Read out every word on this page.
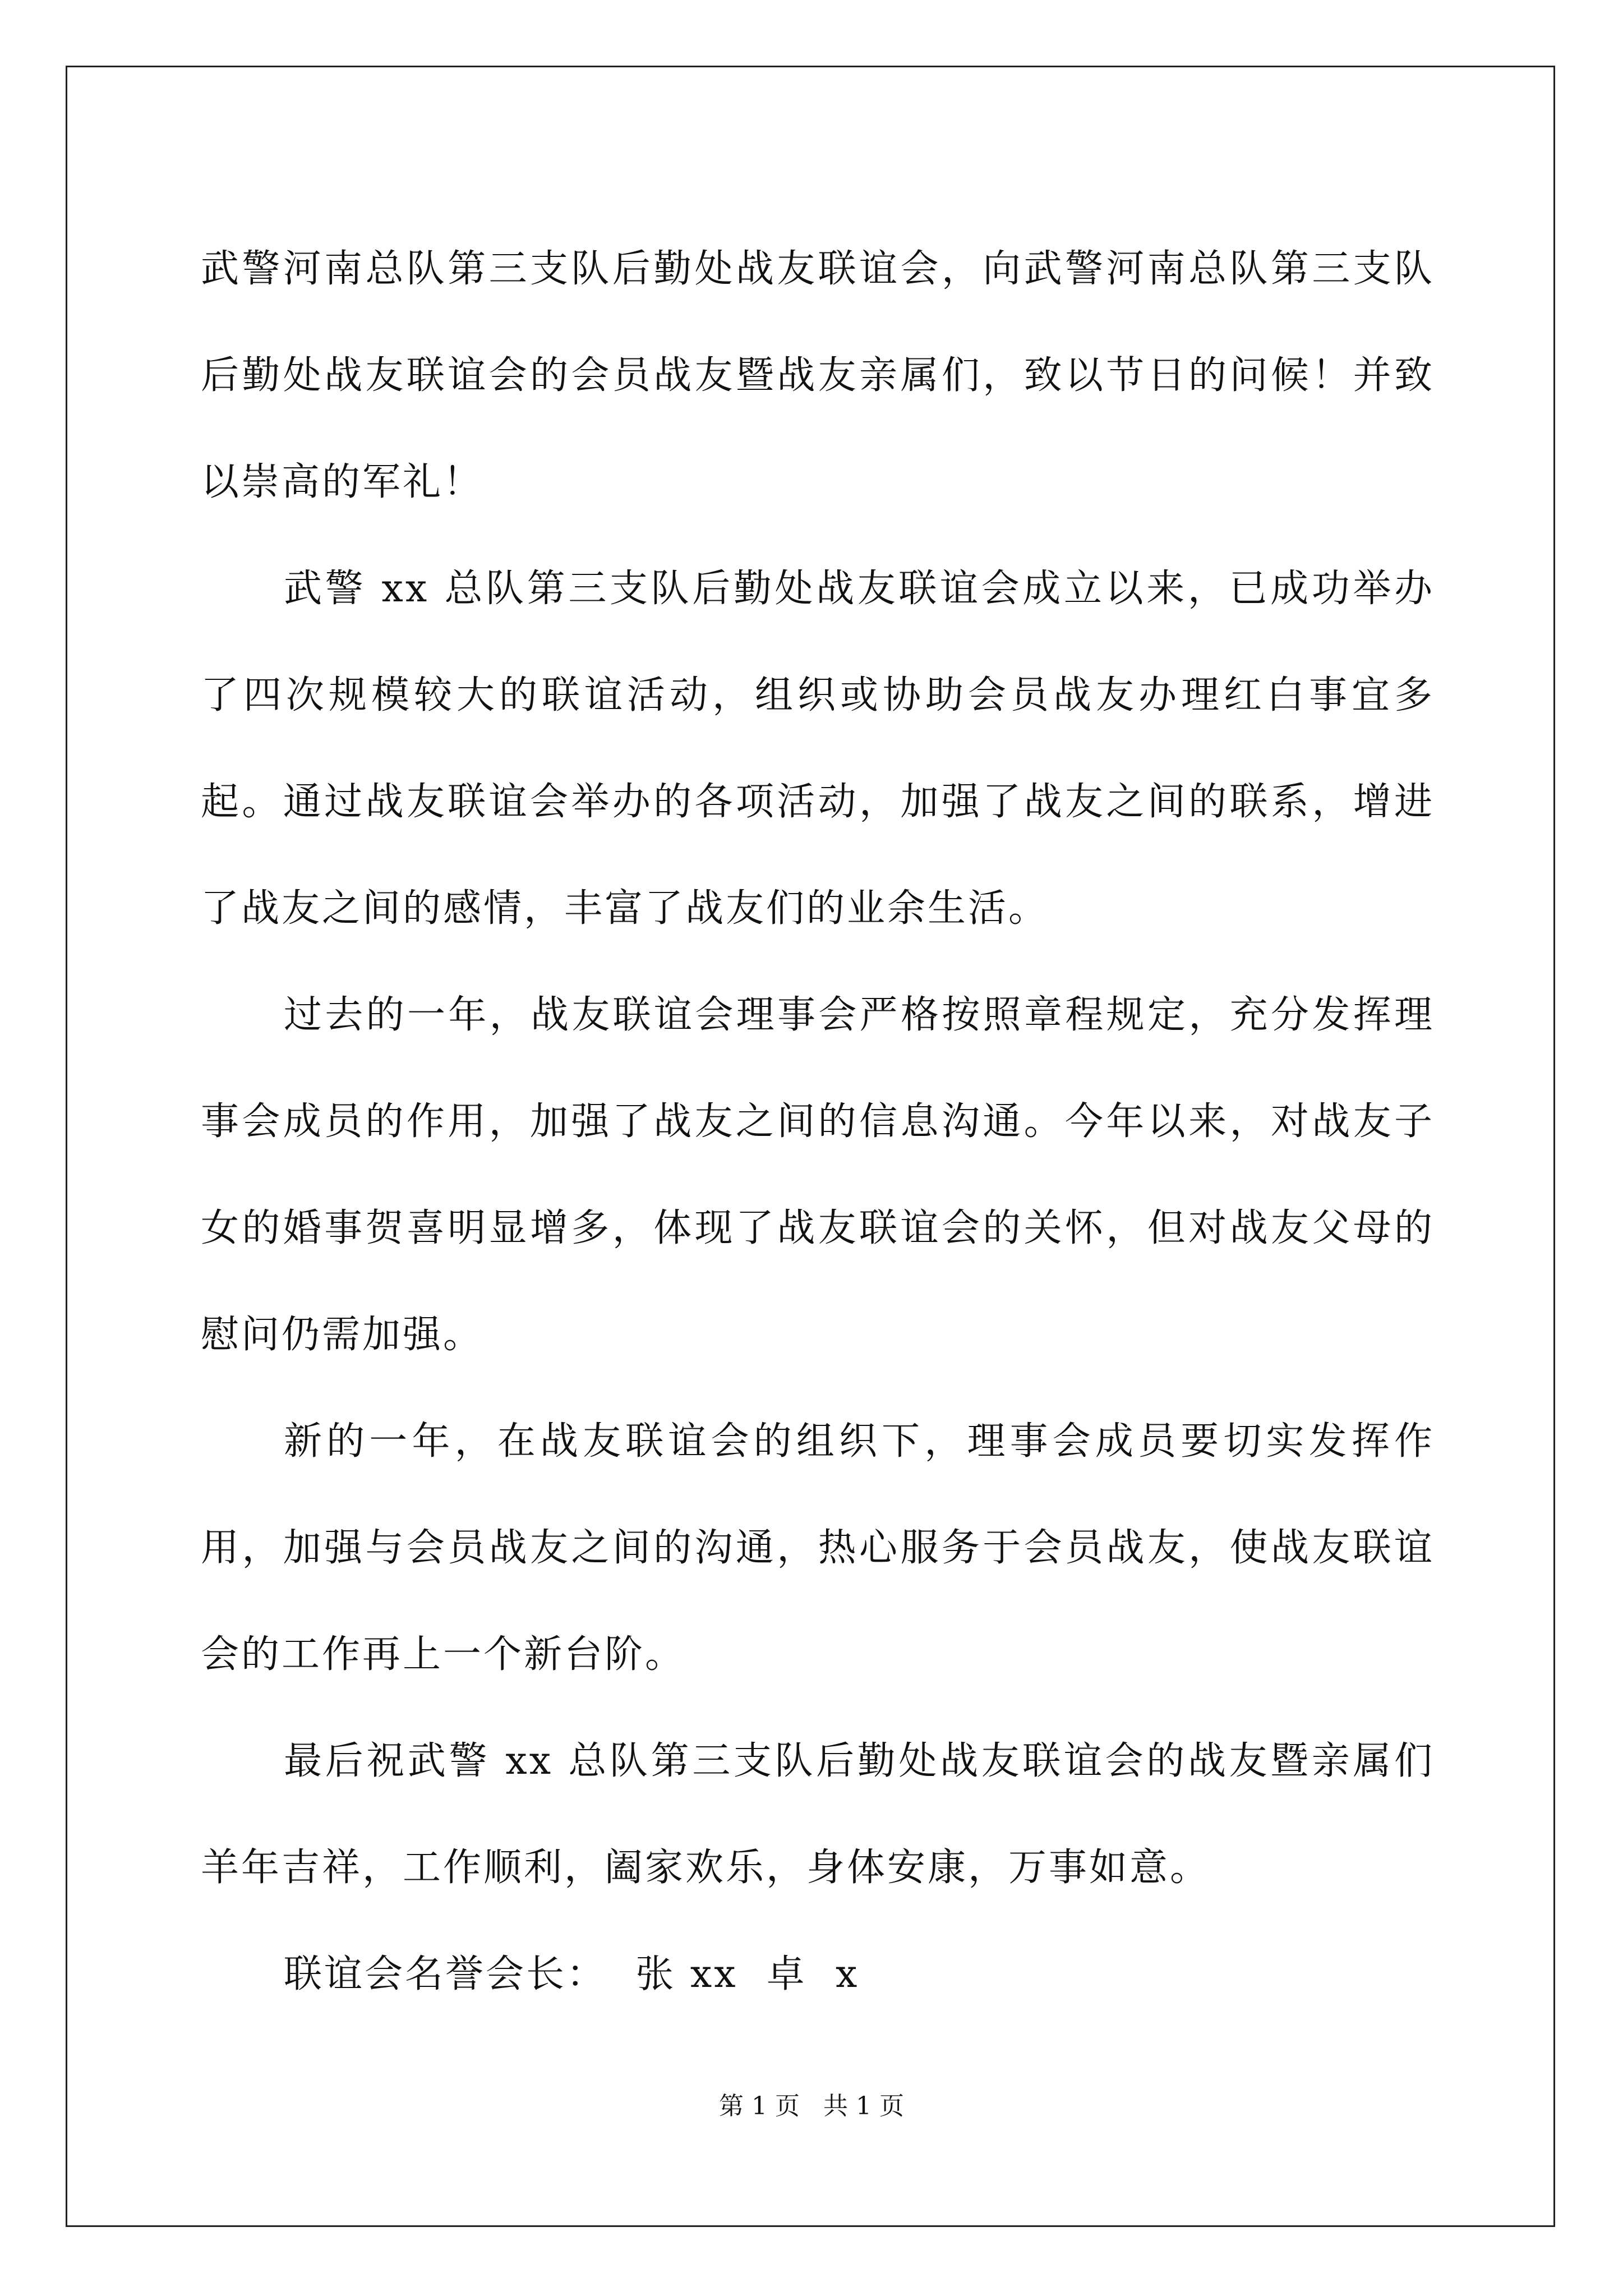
武警河南总队第三支队后勤处战友联谊会，向武警河南总队第三支队后勤处战友联谊会的会员战友暨战友亲属们，致以节日的问候！并致以崇高的军礼！

武警 xx 总队第三支队后勤处战友联谊会成立以来，已成功举办了四次规模较大的联谊活动，组织或协助会员战友办理红白事宜多起。通过战友联谊会举办的各项活动，加强了战友之间的联系，增进了战友之间的感情，丰富了战友们的业余生活。

过去的一年，战友联谊会理事会严格按照章程规定，充分发挥理事会成员的作用，加强了战友之间的信息沟通。今年以来，对战友子女的婚事贺喜明显增多，体现了战友联谊会的关怀，但对战友父母的慰问仍需加强。

新的一年，在战友联谊会的组织下，理事会成员要切实发挥作用，加强与会员战友之间的沟通，热心服务于会员战友，使战友联谊会的工作再上一个新台阶。

最后祝武警 xx 总队第三支队后勤处战友联谊会的战友暨亲属们羊年吉祥，工作顺利，阖家欢乐，身体安康，万事如意。

联谊会名誉会长：  张 xx  卓  x

第 1 页   共 1 页
